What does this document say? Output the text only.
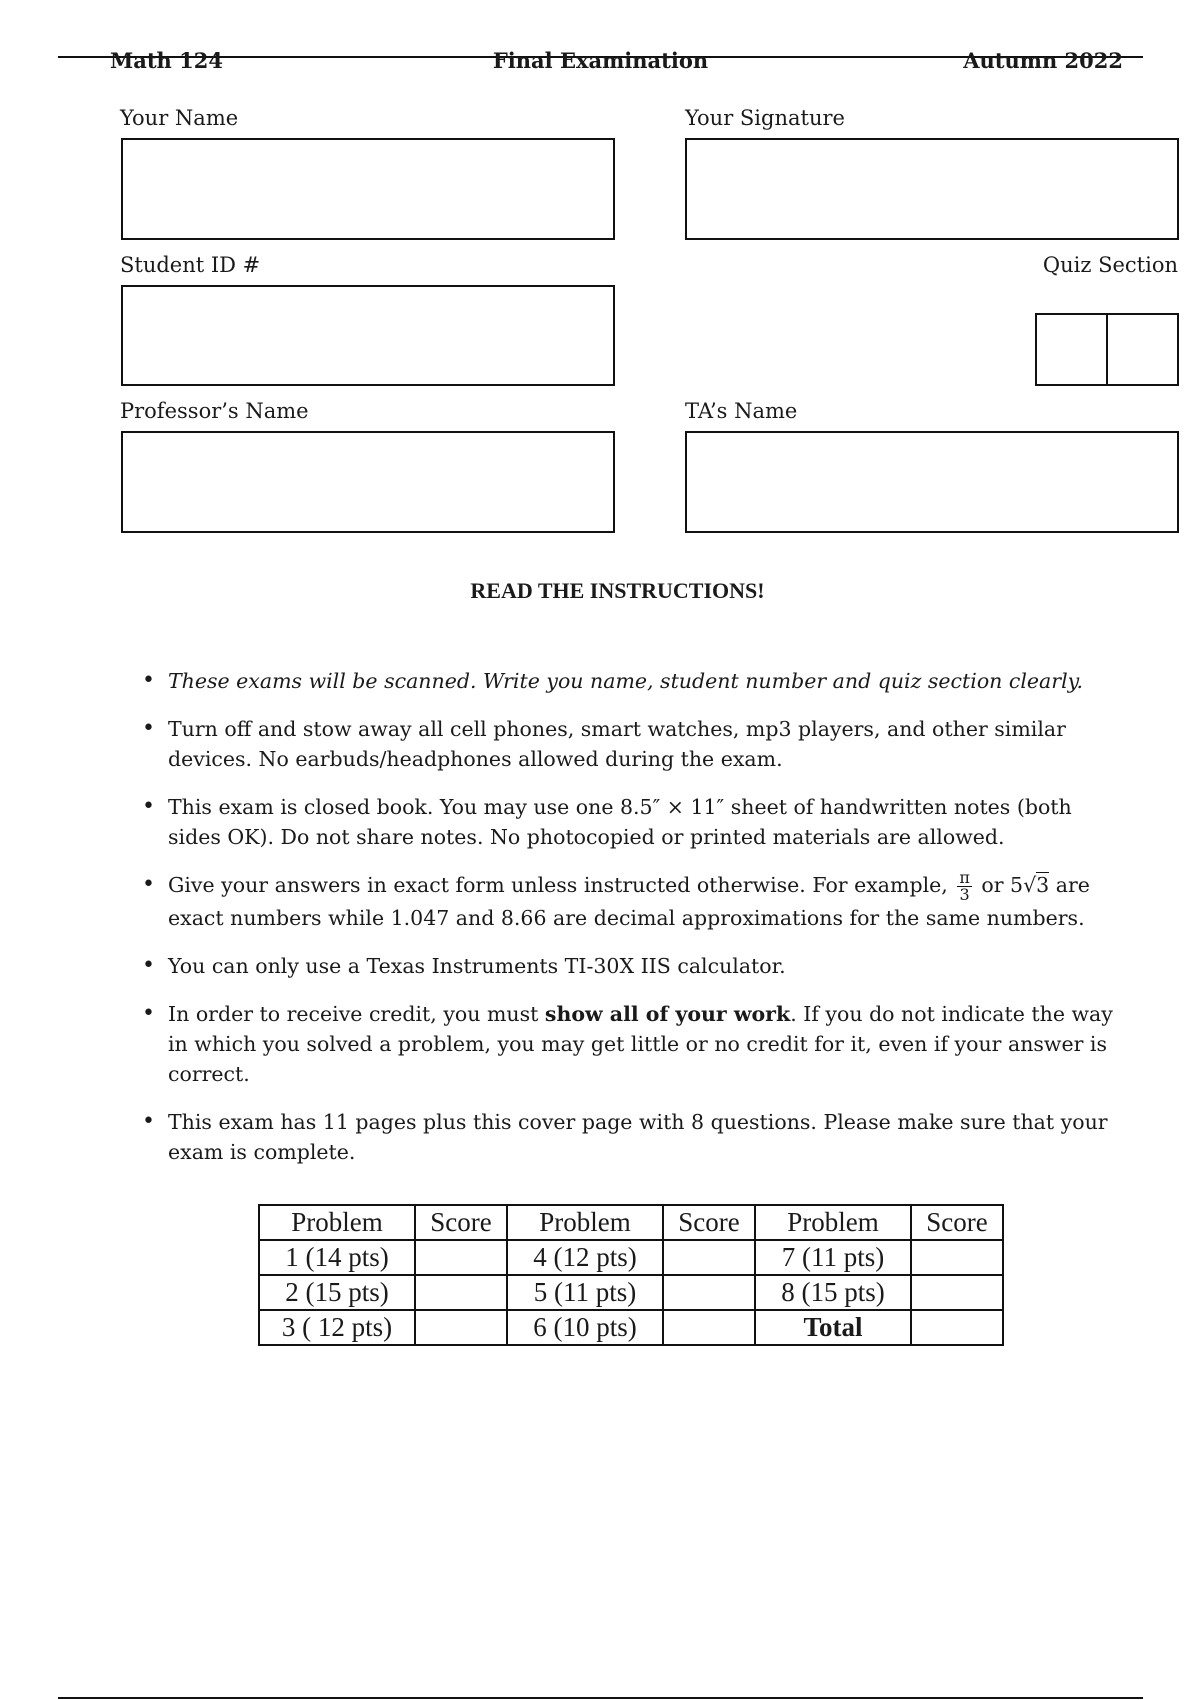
Math 124	Final Examination	Autumn 2022
Your Name	Your Signature
Student ID #	Quiz Section
Professor’s Name	TA’s Name
READ THE INSTRUCTIONS!
• These exams will be scanned. Write you name, student number and quiz section clearly.
• Turn off and stow away all cell phones, smart watches, mp3 players, and other similar devices. No earbuds/headphones allowed during the exam.
• This exam is closed book. You may use one 8.5″ × 11″ sheet of handwritten notes (both sides OK). Do not share notes. No photocopied or printed materials are allowed.
• Give your answers in exact form unless instructed otherwise. For example, $\frac{\pi}{3}$ or 5√3 are exact numbers while 1.047 and 8.66 are decimal approximations for the same numbers.
• You can only use a Texas Instruments TI-30X IIS calculator.
• In order to receive credit, you must show all of your work. If you do not indicate the way in which you solved a problem, you may get little or no credit for it, even if your answer is correct.
• This exam has 11 pages plus this cover page with 8 questions. Please make sure that your exam is complete.
Problem	Score	Problem	Score	Problem	Score
1 (14 pts)		4 (12 pts)		7 (11 pts)	
2 (15 pts)		5 (11 pts)		8 (15 pts)	
3 ( 12 pts)		6 (10 pts)		Total	
